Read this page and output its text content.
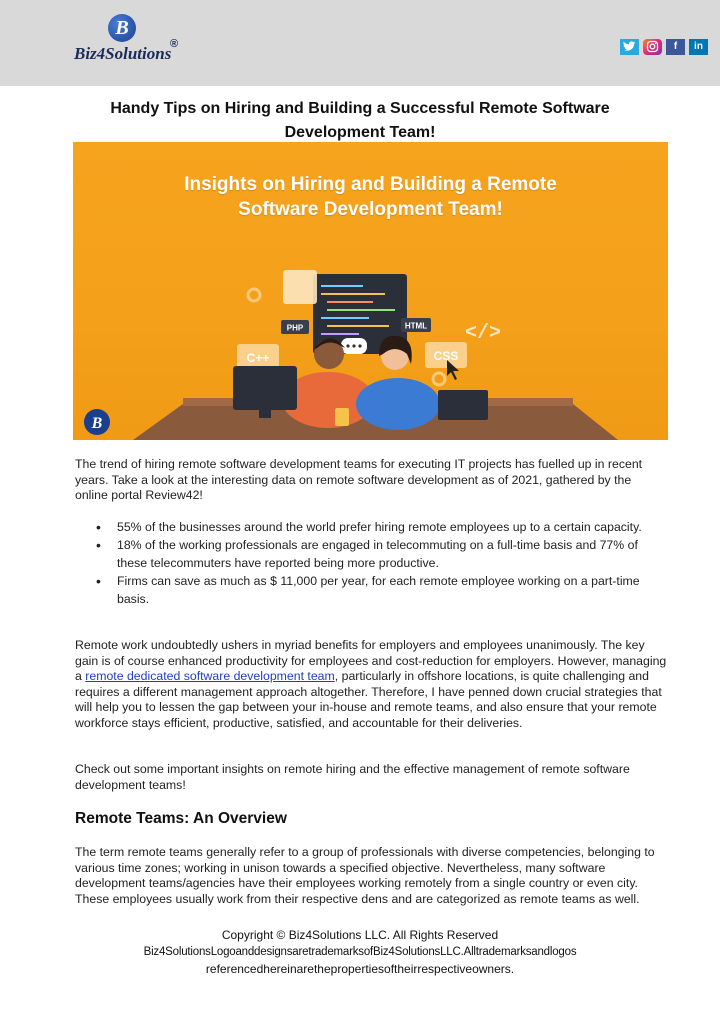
B
Biz4Solutions
®	f	in
Handy Tips on Hiring and Building a Successful Remote Software
Development Team!
PHP	HTML
C++	CSS
</>
B
Insights on Hiring and Building a Remote
Software Development Team!
The trend of hiring remote software development teams for executing IT projects has fuelled up in recent years. Take a look at the interesting data on remote software development as of 2021, gathered by the online portal Review42!
• 55% of the businesses around the world prefer hiring remote employees up to a certain capacity.
• 18% of the working professionals are engaged in telecommuting on a full-time basis and 77% of these telecommuters have reported being more productive.
• Firms can save as much as $ 11,000 per year, for each remote employee working on a part-time basis.
Remote work undoubtedly ushers in myriad benefits for employers and employees unanimously. The key gain is of course enhanced productivity for employees and cost-reduction for employers. However, managing a remote dedicated software development team, particularly in offshore locations, is quite challenging and requires a different management approach altogether. Therefore, I have penned down crucial strategies that will help you to lessen the gap between your in-house and remote teams, and also ensure that your remote workforce stays efficient, productive, satisfied, and accountable for their deliveries.
Check out some important insights on remote hiring and the effective management of remote software development teams!
Remote Teams: An Overview
The term remote teams generally refer to a group of professionals with diverse competencies, belonging to various time zones; working in unison towards a specified objective. Nevertheless, many software development teams/agencies have their employees working remotely from a single country or even city. These employees usually work from their respective dens and are categorized as remote teams as well.
Copyright © Biz4Solutions LLC. All Rights Reserved
Biz4SolutionsLogoanddesignsaretrademarksofBiz4SolutionsLLC.Alltrademarksandlogos
referencedhereinarethepropertiesoftheirrespectiveowners.
